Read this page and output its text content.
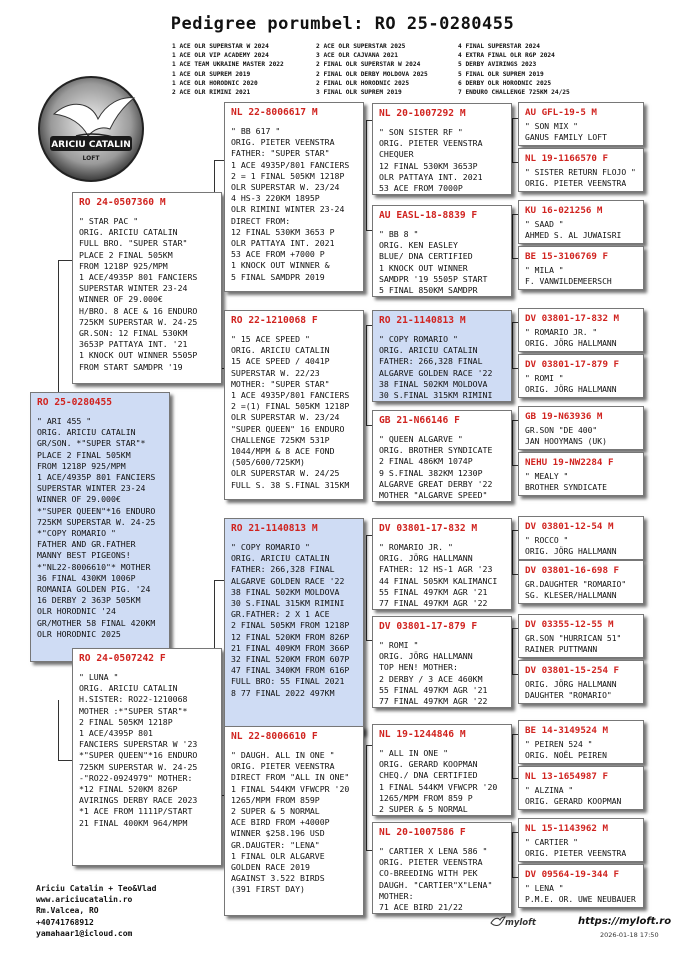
Pedigree porumbel: RO 25-0280455
1 ACE OLR SUPERSTAR W 2024
1 ACE OLR VIP ACADEMY 2024
1 ACE TEAM UKRAINE MASTER 2022
1 ACE OLR SUPREM 2019
1 ACE OLR HORODNIC 2020
2 ACE OLR RIMINI 2021
2 ACE OLR SUPERSTAR 2025
3 ACE OLR CAJVANA 2021
2 FINAL OLR SUPERSTAR W 2024
2 FINAL OLR DERBY MOLDOVA 2025
2 FINAL OLR HORODNIC 2025
3 FINAL OLR SUPREM 2019
4 FINAL SUPERSTAR 2024
4 EXTRA FINAL OLR RGP 2024
5 DERBY AVIRINGS 2023
5 FINAL OLR SUPREM 2019
6 DERBY OLR HORODNIC 2025
7 ENDURO CHALLENGE 725KM 24/25
ARICIU CATALIN
LOFT
RO 25-0280455
" ARI 455 "
ORIG. ARICIU CATALIN
GR/SON. *"SUPER STAR"*
PLACE 2 FINAL 505KM
FROM 1218P 925/MPM
1 ACE/4935P 801 FANCIERS
SUPERSTAR WINTER 23-24
WINNER OF 29.000€
*"SUPER QUEEN"*16 ENDURO
725KM SUPERSTAR W. 24-25
*"COPY ROMARIO "
FATHER AND GR.FATHER
MANNY BEST PIGEONS!
*"NL22-8006610"* MOTHER
36 FINAL 430KM 1006P
ROMANIA GOLDEN PIG. '24
16 DERBY 2 363P 505KM
OLR HORODNIC '24
GR/MOTHER 58 FINAL 420KM
OLR HORODNIC 2025
RO 24-0507360 M
" STAR PAC "
ORIG. ARICIU CATALIN
FULL BRO. "SUPER STAR"
PLACE 2 FINAL 505KM
FROM 1218P 925/MPM
1 ACE/4935P 801 FANCIERS
SUPERSTAR WINTER 23-24
WINNER OF 29.000€
H/BRO. 8 ACE & 16 ENDURO
725KM SUPERSTAR W. 24-25
GR.SON: 12 FINAL 530KM
3653P PATTAYA INT. '21
1 KNOCK OUT WINNER 5505P
FROM START SAMDPR '19
RO 24-0507242 F
" LUNA "
ORIG. ARICIU CATALIN
H.SISTER: RO22-1210068
MOTHER :*"SUPER STAR"*
2 FINAL 505KM 1218P
1 ACE/4395P 801
FANCIERS SUPERSTAR W '23
*"SUPER QUEEN"*16 ENDURO
725KM SUPERSTAR W. 24-25
-"RO22-0924979" MOTHER:
*12 FINAL 520KM 826P
AVIRINGS DERBY RACE 2023
*1 ACE FROM 1111P/START
21 FINAL 400KM 964/MPM
NL 22-8006617 M
" BB 617 "
ORIG. PIETER VEENSTRA
FATHER: "SUPER STAR"
1 ACE 4935P/801 FANCIERS
2 = 1 FINAL 505KM 1218P
OLR SUPERSTAR W. 23/24
4 HS-3 220KM 1895P
OLR RIMINI WINTER 23-24
DIRECT FROM:
12 FINAL 530KM 3653 P
OLR PATTAYA INT. 2021
53 ACE FROM +7000 P
1 KNOCK OUT WINNER &
5 FINAL SAMDPR 2019
RO 22-1210068 F
" 15 ACE SPEED "
ORIG. ARICIU CATALIN
15 ACE SPEED / 4041P
SUPERSTAR W. 22/23
MOTHER: "SUPER STAR"
1 ACE 4935P/801 FANCIERS
2 =(1) FINAL 505KM 1218P
OLR SUPERSTAR W. 23/24
"SUPER QUEEN" 16 ENDURO
CHALLENGE 725KM 531P
1044/MPM & 8 ACE FOND
(505/600/725KM)
OLR SUPERSTAR W. 24/25
FULL S. 38 S.FINAL 315KM
RO 21-1140813 M
" COPY ROMARIO "
ORIG. ARICIU CATALIN
FATHER: 266,328 FINAL
ALGARVE GOLDEN RACE '22
38 FINAL 502KM MOLDOVA
30 S.FINAL 315KM RIMINI
GR.FATHER: 2 X 1 ACE
2 FINAL 505KM FROM 1218P
12 FINAL 520KM FROM 826P
21 FINAL 409KM FROM 366P
32 FINAL 520KM FROM 607P
47 FINAL 340KM FROM 616P
FULL BRO: 55 FINAL 2021
8 77 FINAL 2022 497KM
NL 22-8006610 F
" DAUGH. ALL IN ONE "
ORIG. PIETER VEENSTRA
DIRECT FROM "ALL IN ONE"
1 FINAL 544KM VFWCPR '20
1265/MPM FROM 859P
2 SUPER & 5 NORMAL
ACE BIRD FROM +4000P
WINNER $258.196 USD
GR.DAUGTER: "LENA"
1 FINAL OLR ALGARVE
GOLDEN RACE 2019
AGAINST 3.522 BIRDS
(391 FIRST DAY)
NL 20-1007292 M
" SON SISTER RF "
ORIG. PIETER VEENSTRA
CHEQUER
12 FINAL 530KM 3653P
OLR PATTAYA INT. 2021
53 ACE FROM 7000P
AU EASL-18-8839 F
" BB 8 "
ORIG. KEN EASLEY
BLUE/ DNA CERTIFIED
1 KNOCK OUT WINNER
SAMDPR '19 5505P START
5 FINAL 850KM SAMDPR
RO 21-1140813 M
" COPY ROMARIO "
ORIG. ARICIU CATALIN
FATHER: 266,328 FINAL
ALGARVE GOLDEN RACE '22
38 FINAL 502KM MOLDOVA
30 S.FINAL 315KM RIMINI
GB 21-N66146 F
" QUEEN ALGARVE "
ORIG. BROTHER SYNDICATE
2 FINAL 486KM 1074P
9 S.FINAL 382KM 1230P
ALGARVE GREAT DERBY '22
MOTHER "ALGARVE SPEED"
DV 03801-17-832 M
" ROMARIO JR. "
ORIG. JÖRG HALLMANN
FATHER: 12 HS-1 AGR '23
44 FINAL 505KM KALIMANCI
55 FINAL 497KM AGR '21
77 FINAL 497KM AGR '22
DV 03801-17-879 F
" ROMI "
ORIG. JÖRG HALLMANN
TOP HEN! MOTHER:
2 DERBY / 3 ACE 460KM
55 FINAL 497KM AGR '21
77 FINAL 497KM AGR '22
NL 19-1244846 M
" ALL IN ONE "
ORIG. GERARD KOOPMAN
CHEQ./ DNA CERTIFIED
1 FINAL 544KM VFWCPR '20
1265/MPM FROM 859 P
2 SUPER & 5 NORMAL
NL 20-1007586 F
" CARTIER X LENA 586 "
ORIG. PIETER VEENSTRA
CO-BREEDING WITH PEK
DAUGH. "CARTIER"X"LENA"
MOTHER:
71 ACE BIRD 21/22
AU GFL-19-5 M
" SON MIX "
GANUS FAMILY LOFT
NL 19-1166570 F
" SISTER RETURN FLOJO "
ORIG. PIETER VEENSTRA
KU 16-021256 M
" SAAD "
AHMED S. AL JUWAISRI
BE 15-3106769 F
" MILA "
F. VANWILDEMEERSCH
DV 03801-17-832 M
" ROMARIO JR. "
ORIG. JÖRG HALLMANN
DV 03801-17-879 F
" ROMI "
ORIG. JÖRG HALLMANN
GB 19-N63936 M
GR.SON "DE 400"
JAN HOOYMANS (UK)
NEHU 19-NW2284 F
" MEALY "
BROTHER SYNDICATE
DV 03801-12-54 M
" ROCCO "
ORIG. JÖRG HALLMANN
DV 03801-16-698 F
GR.DAUGHTER "ROMARIO"
SG. KLESER/HALLMANN
DV 03355-12-55 M
GR.SON "HURRICAN 51"
RAINER PUTTMANN
DV 03801-15-254 F
ORIG. JÖRG HALLMANN
DAUGHTER "ROMARIO"
BE 14-3149524 M
" PEIREN 524 "
ORIG. NOËL PEIREN
NL 13-1654987 F
" ALZINA "
ORIG. GERARD KOOPMAN
NL 15-1143962 M
" CARTIER "
ORIG. PIETER VEENSTRA
DV 09564-19-344 F
" LENA "
P.M.E. OR. UWE NEUBAUER
Ariciu Catalin + Teo&Vlad
www.ariciucatalin.ro
Rm.Valcea, RO
+40741768912
yamahaar1@icloud.com
myloft	https://myloft.ro
2026-01-18 17:50
